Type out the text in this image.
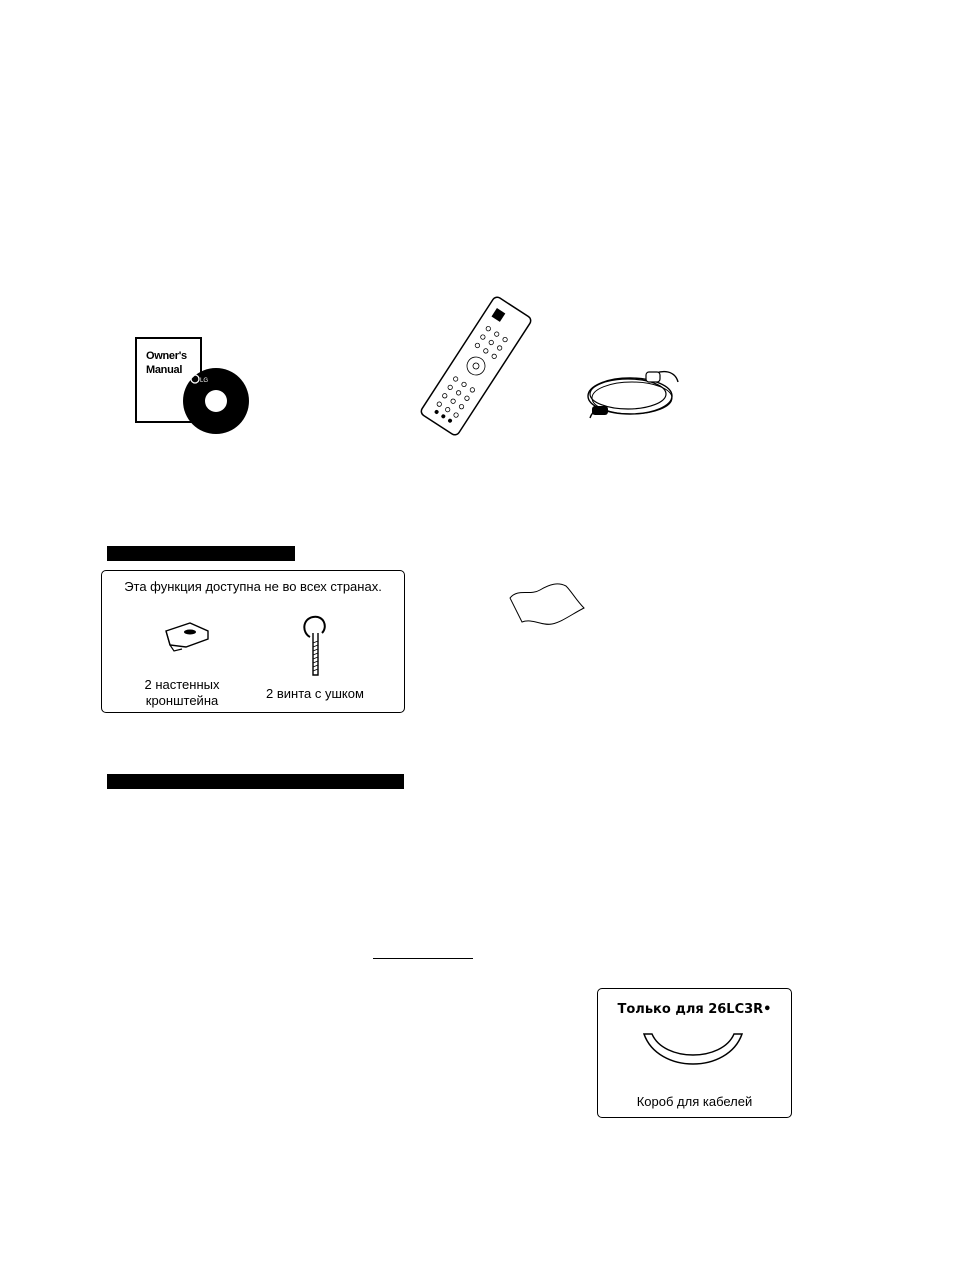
Owner's
Manual
LG
Эта функция доступна не во всех странах.
2 настенных
кронштейна	2 винта с ушком
Только для 26LC3R•
Короб для кабелей
